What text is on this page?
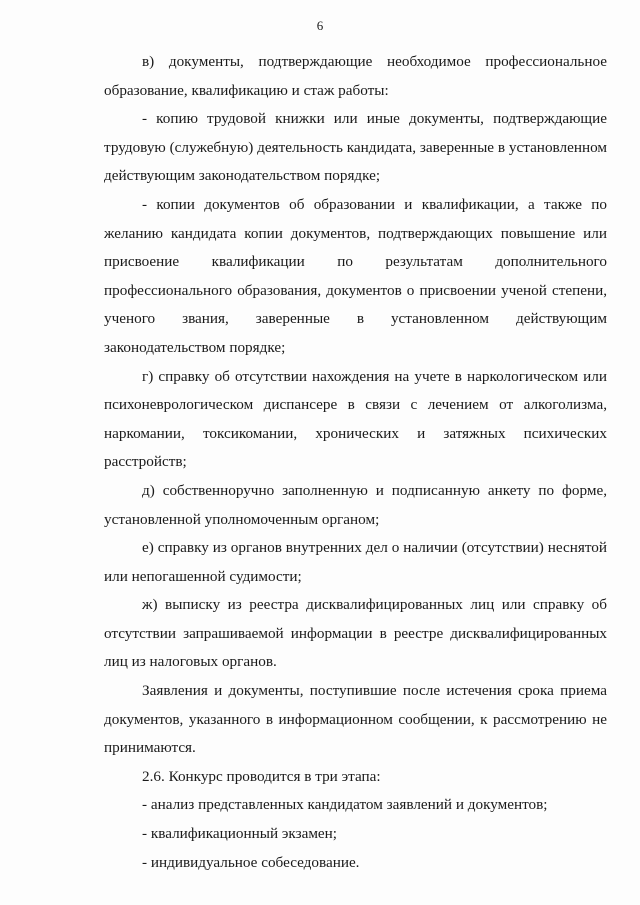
6
в) документы, подтверждающие необходимое профессиональное
образование, квалификацию и стаж работы:
- копию трудовой книжки или иные документы, подтверждающие
трудовую (служебную) деятельность кандидата, заверенные в установленном
действующим законодательством порядке;
- копии документов об образовании и квалификации, а также по
желанию кандидата копии документов, подтверждающих повышение или
присвоение квалификации по результатам дополнительного
профессионального образования, документов о присвоении ученой степени,
ученого звания, заверенные в установленном действующим
законодательством порядке;
г) справку об отсутствии нахождения на учете в наркологическом или
психоневрологическом диспансере в связи с лечением от алкоголизма,
наркомании, токсикомании, хронических и затяжных психических
расстройств;
д) собственноручно заполненную и подписанную анкету по форме,
установленной уполномоченным органом;
е) справку из органов внутренних дел о наличии (отсутствии) неснятой
или непогашенной судимости;
ж) выписку из реестра дисквалифицированных лиц или справку об
отсутствии запрашиваемой информации в реестре дисквалифицированных
лиц из налоговых органов.
Заявления и документы, поступившие после истечения срока приема
документов, указанного в информационном сообщении, к рассмотрению не
принимаются.
2.6. Конкурс проводится в три этапа:
- анализ представленных кандидатом заявлений и документов;
- квалификационный экзамен;
- индивидуальное собеседование.
